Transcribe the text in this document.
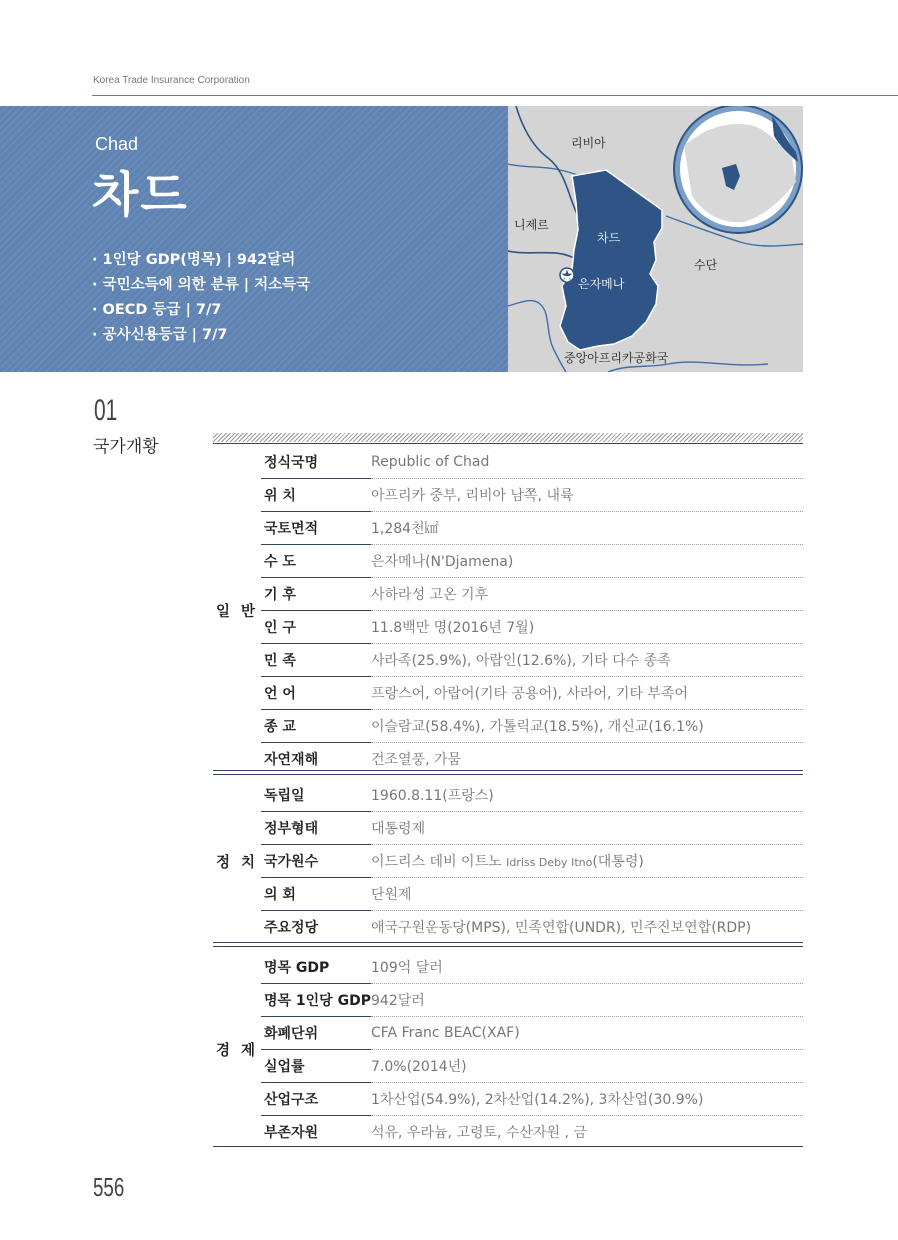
Korea Trade Insurance Corporation
Chad
차드
· 1인당 GDP(명목) | 942달러
· 국민소득에 의한 분류 | 저소득국
· OECD 등급 | 7/7
· 공사신용등급 | 7/7
리비아
니제르
차드
수단
은자메나
중앙아프리카공화국
01
국가개황
일 반	정식국명	Republic of Chad
	위 치	아프리카 중부, 리비아 남쪽, 내륙
	국토면적	1,284천㎢
	수 도	은자메나(N'Djamena)
	기 후	사하라성 고온 기후
	인 구	11.8백만 명(2016년 7월)
	민 족	사라족(25.9%), 아랍인(12.6%), 기타 다수 종족
	언 어	프랑스어, 아랍어(기타 공용어), 사라어, 기타 부족어
	종 교	이슬람교(58.4%), 가톨릭교(18.5%), 개신교(16.1%)
	자연재해	건조열풍, 가뭄
정 치	독립일	1960.8.11(프랑스)
	정부형태	대통령제
	국가원수	이드리스 데비 이트노 Idriss Deby Itno(대통령)
	의 회	단원제
	주요정당	애국구원운동당(MPS), 민족연합(UNDR), 민주진보연합(RDP)
경 제	명목 GDP	109억 달러
	명목 1인당 GDP	942달러
	화폐단위	CFA Franc BEAC(XAF)
	실업률	7.0%(2014년)
	산업구조	1차산업(54.9%), 2차산업(14.2%), 3차산업(30.9%)
	부존자원	석유, 우라늄, 고령토, 수산자원 , 금
556
